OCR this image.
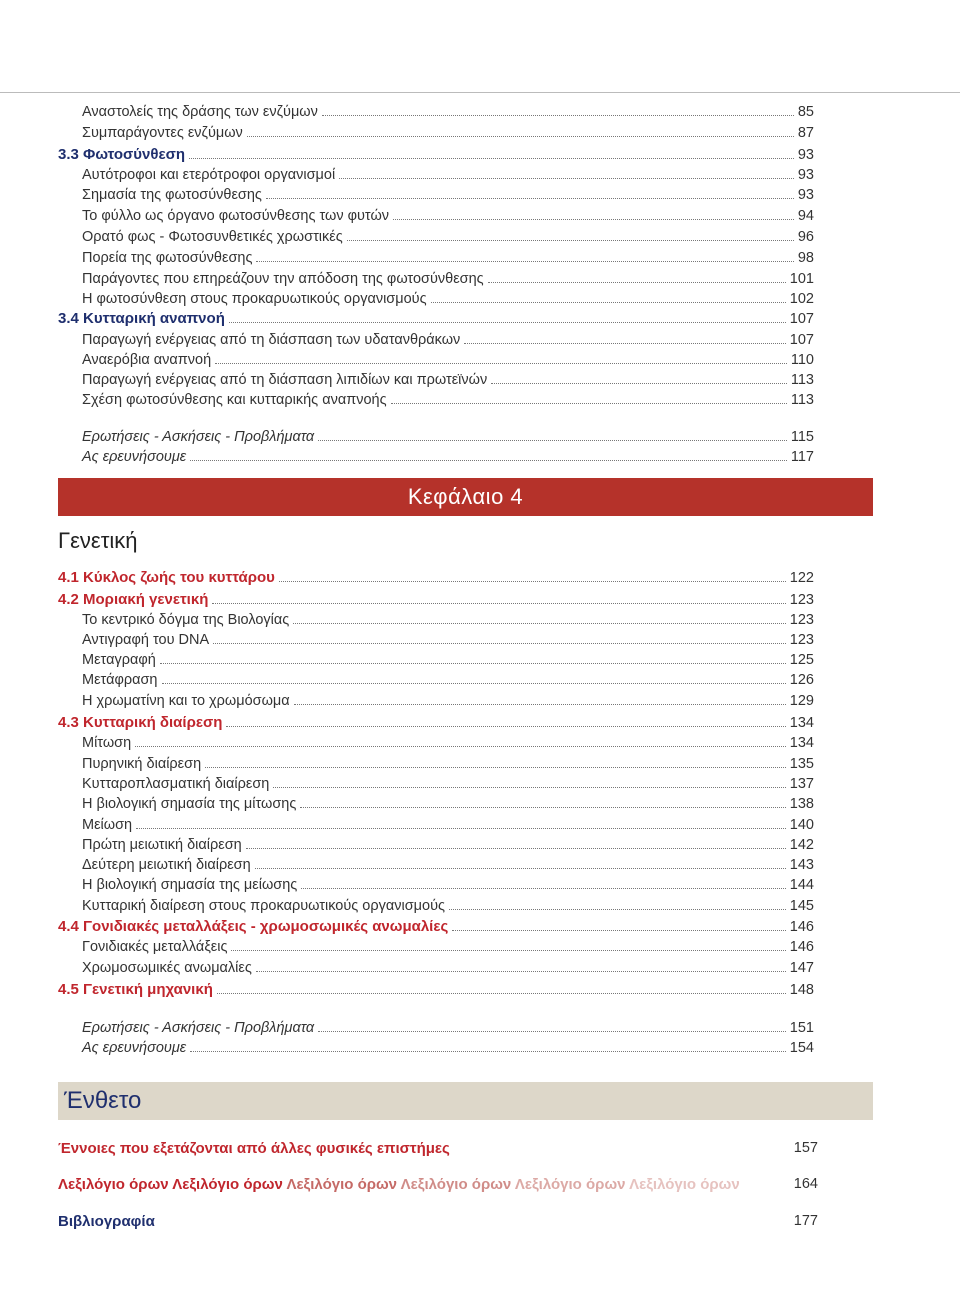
Αναστολείς της δράσης των ενζύμων	85
Συμπαράγοντες ενζύμων	87
3.3 Φωτοσύνθεση	93
Αυτότροφοι και ετερότροφοι οργανισμοί	93
Σημασία της φωτοσύνθεσης	93
Το φύλλο ως όργανο φωτοσύνθεσης των φυτών	94
Ορατό φως - Φωτοσυνθετικές χρωστικές	96
Πορεία της φωτοσύνθεσης	98
Παράγοντες που επηρεάζουν την απόδοση της φωτοσύνθεσης	101
Η φωτοσύνθεση στους προκαρυωτικούς οργανισμούς	102
3.4 Κυτταρική αναπνοή	107
Παραγωγή ενέργειας από τη διάσπαση των υδατανθράκων	107
Αναερόβια αναπνοή	110
Παραγωγή ενέργειας από τη διάσπαση λιπιδίων και πρωτεϊνών	113
Σχέση φωτοσύνθεσης και κυτταρικής αναπνοής	113
Ερωτήσεις - Ασκήσεις - Προβλήματα	115
Ας ερευνήσουμε	117
Κεφάλαιο 4
Γενετική
4.1 Κύκλος ζωής του κυττάρου	122
4.2 Μοριακή γενετική	123
Το κεντρικό δόγμα της Βιολογίας	123
Αντιγραφή του DNA	123
Μεταγραφή	125
Μετάφραση	126
Η χρωματίνη και το χρωμόσωμα	129
4.3 Κυτταρική διαίρεση	134
Μίτωση	134
Πυρηνική διαίρεση	135
Κυτταροπλασματική διαίρεση	137
Η βιολογική σημασία της μίτωσης	138
Μείωση	140
Πρώτη μειωτική διαίρεση	142
Δεύτερη μειωτική διαίρεση	143
Η βιολογική σημασία της μείωσης	144
Κυτταρική διαίρεση στους προκαρυωτικούς οργανισμούς	145
4.4 Γονιδιακές μεταλλάξεις - χρωμοσωμικές ανωμαλίες	146
Γονιδιακές μεταλλάξεις	146
Χρωμοσωμικές ανωμαλίες	147
4.5 Γενετική μηχανική	148
Ερωτήσεις - Ασκήσεις - Προβλήματα	151
Ας ερευνήσουμε	154
Ένθετο
Έννοιες που εξετάζονται από άλλες φυσικές επιστήμες	157
Λεξιλόγιο όρων Λεξιλόγιο όρων Λεξιλόγιο όρων Λεξιλόγιο όρων Λεξιλόγιο όρων Λεξιλόγιο όρων	164
Βιβλιογραφία	177
